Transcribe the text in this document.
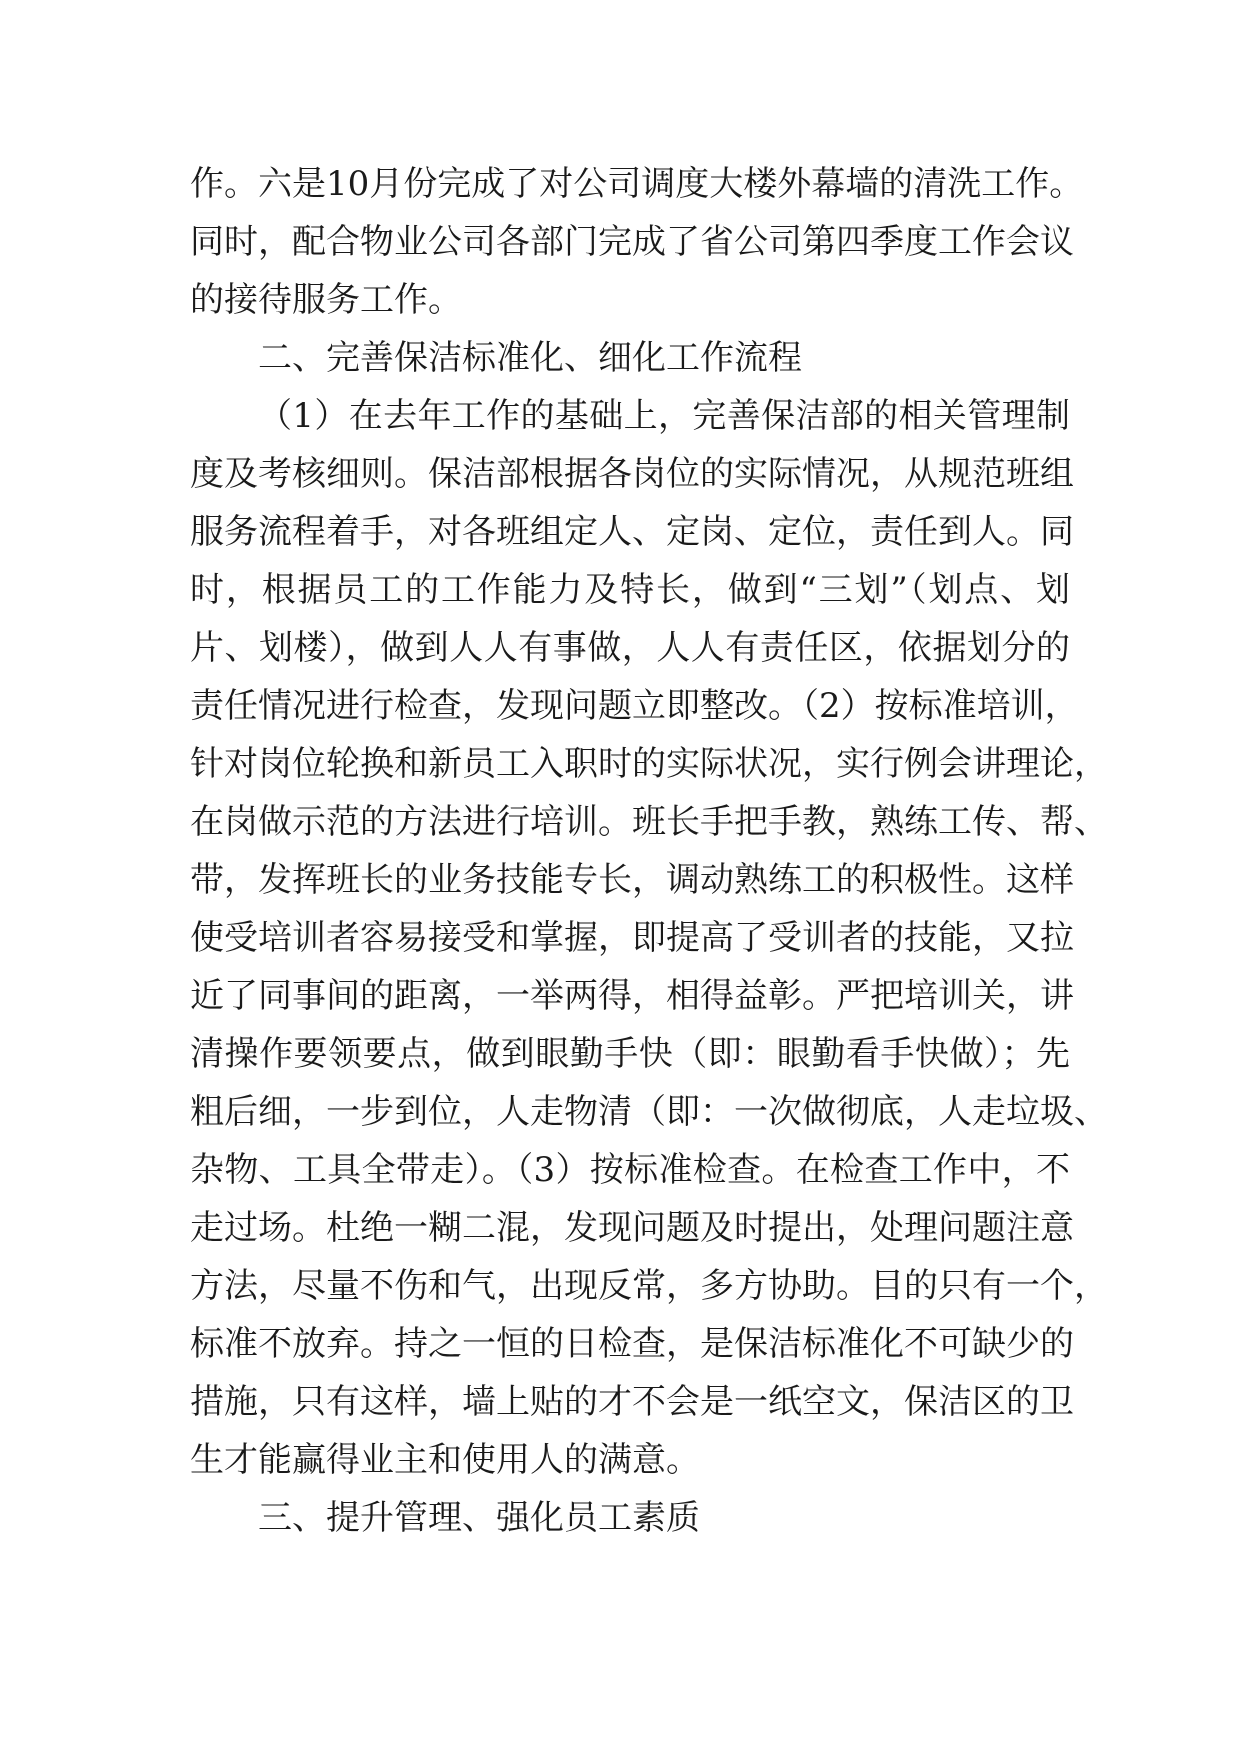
作。六是10月份完成了对公司调度大楼外幕墙的清洗工作。
同时，配合物业公司各部门完成了省公司第四季度工作会议
的接待服务工作。
二、完善保洁标准化、细化工作流程
（1）在去年工作的基础上，完善保洁部的相关管理制
度及考核细则。保洁部根据各岗位的实际情况，从规范班组
服务流程着手，对各班组定人、定岗、定位，责任到人。同
时，根据员工的工作能力及特长，做到“三划”（划点、划
片、划楼），做到人人有事做，人人有责任区，依据划分的
责任情况进行检查，发现问题立即整改。（2）按标准培训，
针对岗位轮换和新员工入职时的实际状况，实行例会讲理论，
在岗做示范的方法进行培训。班长手把手教，熟练工传、帮、
带，发挥班长的业务技能专长，调动熟练工的积极性。这样
使受培训者容易接受和掌握，即提高了受训者的技能，又拉
近了同事间的距离，一举两得，相得益彰。严把培训关，讲
清操作要领要点，做到眼勤手快（即：眼勤看手快做）；先
粗后细，一步到位，人走物清（即：一次做彻底，人走垃圾、
杂物、工具全带走）。（3）按标准检查。在检查工作中，不
走过场。杜绝一糊二混，发现问题及时提出，处理问题注意
方法，尽量不伤和气，出现反常，多方协助。目的只有一个，
标准不放弃。持之一恒的日检查，是保洁标准化不可缺少的
措施，只有这样，墙上贴的才不会是一纸空文，保洁区的卫
生才能赢得业主和使用人的满意。
三、提升管理、强化员工素质
